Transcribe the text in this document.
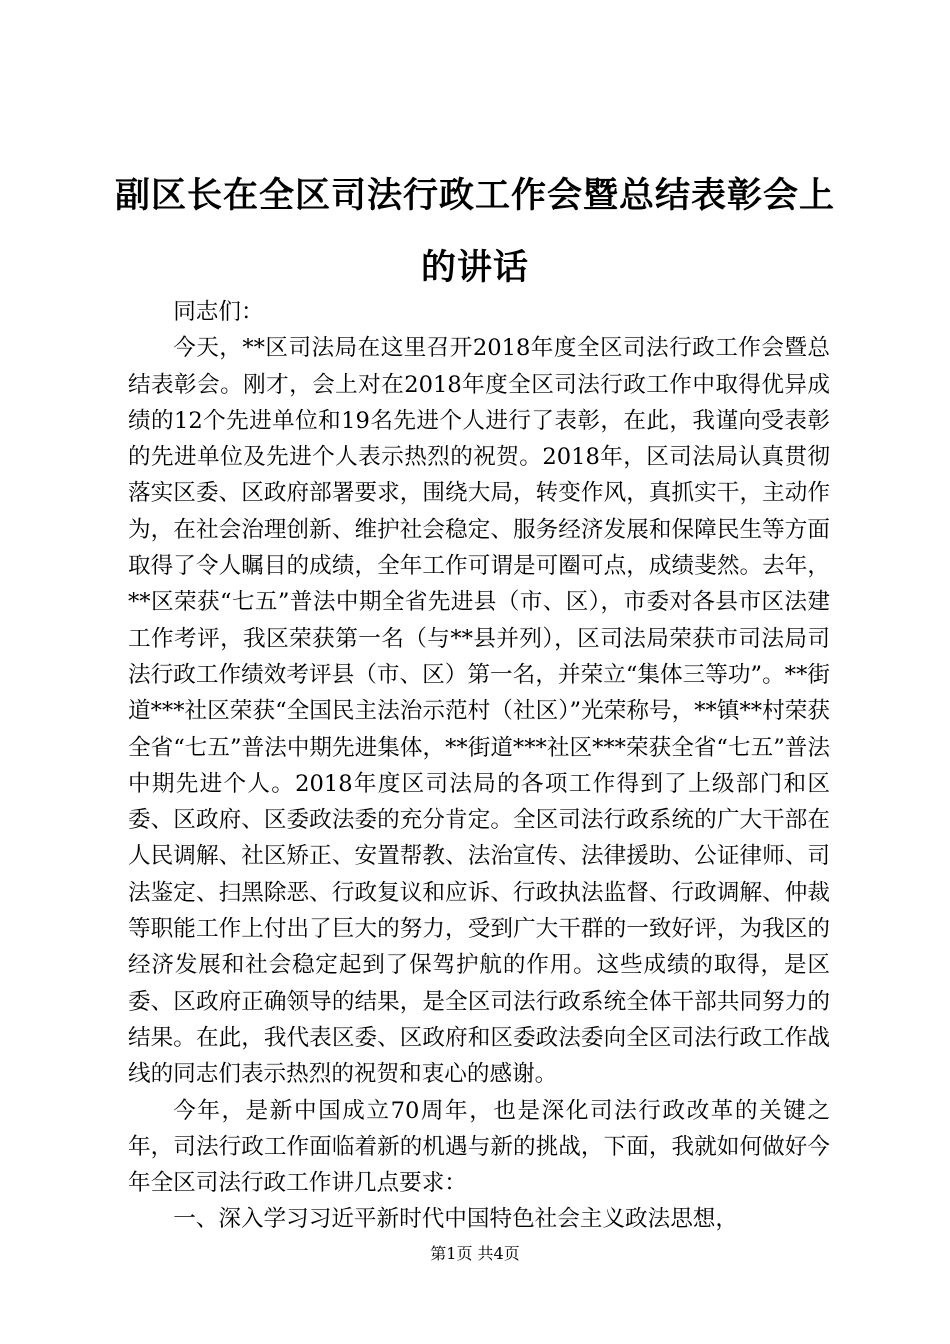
副区长在全区司法行政工作会暨总结表彰会上的讲话

同志们：

今天，**区司法局在这里召开2018年度全区司法行政工作会暨总结表彰会。刚才，会上对在2018年度全区司法行政工作中取得优异成绩的12个先进单位和19名先进个人进行了表彰，在此，我谨向受表彰的先进单位及先进个人表示热烈的祝贺。2018年，区司法局认真贯彻落实区委、区政府部署要求，围绕大局，转变作风，真抓实干，主动作为，在社会治理创新、维护社会稳定、服务经济发展和保障民生等方面取得了令人瞩目的成绩，全年工作可谓是可圈可点，成绩斐然。去年，**区荣获“七五”普法中期全省先进县（市、区），市委对各县市区法建工作考评，我区荣获第一名（与**县并列），区司法局荣获市司法局司法行政工作绩效考评县（市、区）第一名，并荣立“集体三等功”。**街道***社区荣获“全国民主法治示范村（社区）”光荣称号，**镇**村荣获全省“七五”普法中期先进集体，**街道***社区***荣获全省“七五”普法中期先进个人。2018年度区司法局的各项工作得到了上级部门和区委、区政府、区委政法委的充分肯定。全区司法行政系统的广大干部在人民调解、社区矫正、安置帮教、法治宣传、法律援助、公证律师、司法鉴定、扫黑除恶、行政复议和应诉、行政执法监督、行政调解、仲裁等职能工作上付出了巨大的努力，受到广大干群的一致好评，为我区的经济发展和社会稳定起到了保驾护航的作用。这些成绩的取得，是区委、区政府正确领导的结果，是全区司法行政系统全体干部共同努力的结果。在此，我代表区委、区政府和区委政法委向全区司法行政工作战线的同志们表示热烈的祝贺和衷心的感谢。

今年，是新中国成立70周年，也是深化司法行政改革的关键之年，司法行政工作面临着新的机遇与新的挑战，下面，我就如何做好今年全区司法行政工作讲几点要求：

一、深入学习习近平新时代中国特色社会主义政法思想，

第1页 共4页
